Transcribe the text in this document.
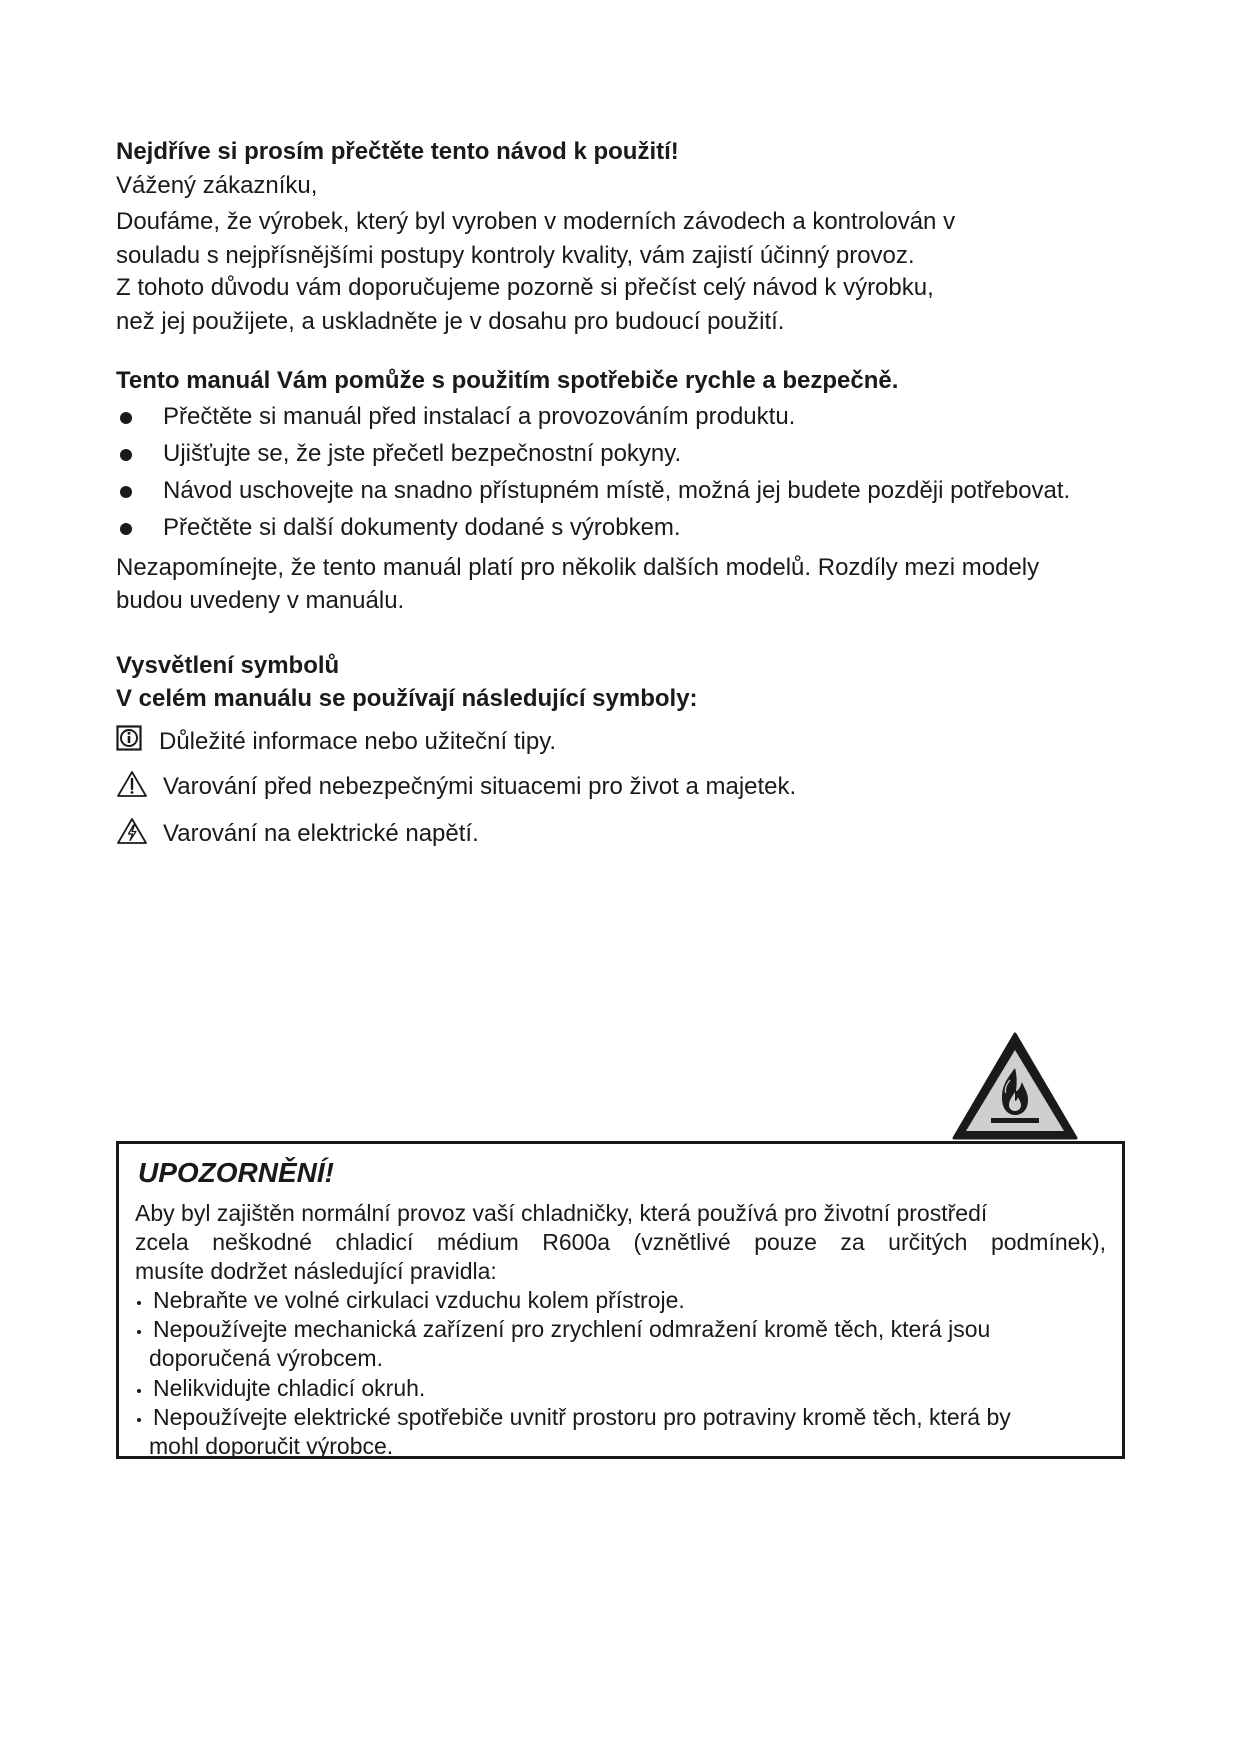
Nejdříve si prosím přečtěte tento návod k použití!
Vážený zákazníku,
Doufáme, že výrobek, který byl vyroben v moderních závodech a kontrolován v
souladu s nejpřísnějšími postupy kontroly kvality, vám zajistí účinný provoz.
Z tohoto důvodu vám doporučujeme pozorně si přečíst celý návod k výrobku,
než jej použijete, a uskladněte je v dosahu pro budoucí použití.
Tento manuál Vám pomůže s použitím spotřebiče rychle a bezpečně.
Přečtěte si manuál před instalací a provozováním produktu.
Ujišťujte se, že jste přečetl bezpečnostní pokyny.
Návod uschovejte na snadno přístupném místě, možná jej budete později potřebovat.
Přečtěte si další dokumenty dodané s výrobkem.
Nezapomínejte, že tento manuál platí pro několik dalších modelů. Rozdíly mezi modely
budou uvedeny v manuálu.
Vysvětlení symbolů
V celém manuálu se používají následující symboly:
Důležité informace nebo užiteční tipy.
Varování před nebezpečnými situacemi pro život a majetek.
Varování na elektrické napětí.
UPOZORNĚNÍ!
Aby byl zajištěn normální provoz vaší chladničky, která používá pro životní prostředí
zcela neškodné chladicí médium R600a (vznětlivé pouze za určitých podmínek),
musíte dodržet následující pravidla:
Nebraňte ve volné cirkulaci vzduchu kolem přístroje.
Nepoužívejte mechanická zařízení pro zrychlení odmražení kromě těch, která jsou
doporučená výrobcem.
Nelikvidujte chladicí okruh.
Nepoužívejte elektrické spotřebiče uvnitř prostoru pro potraviny kromě těch, která by
mohl doporučit výrobce.
